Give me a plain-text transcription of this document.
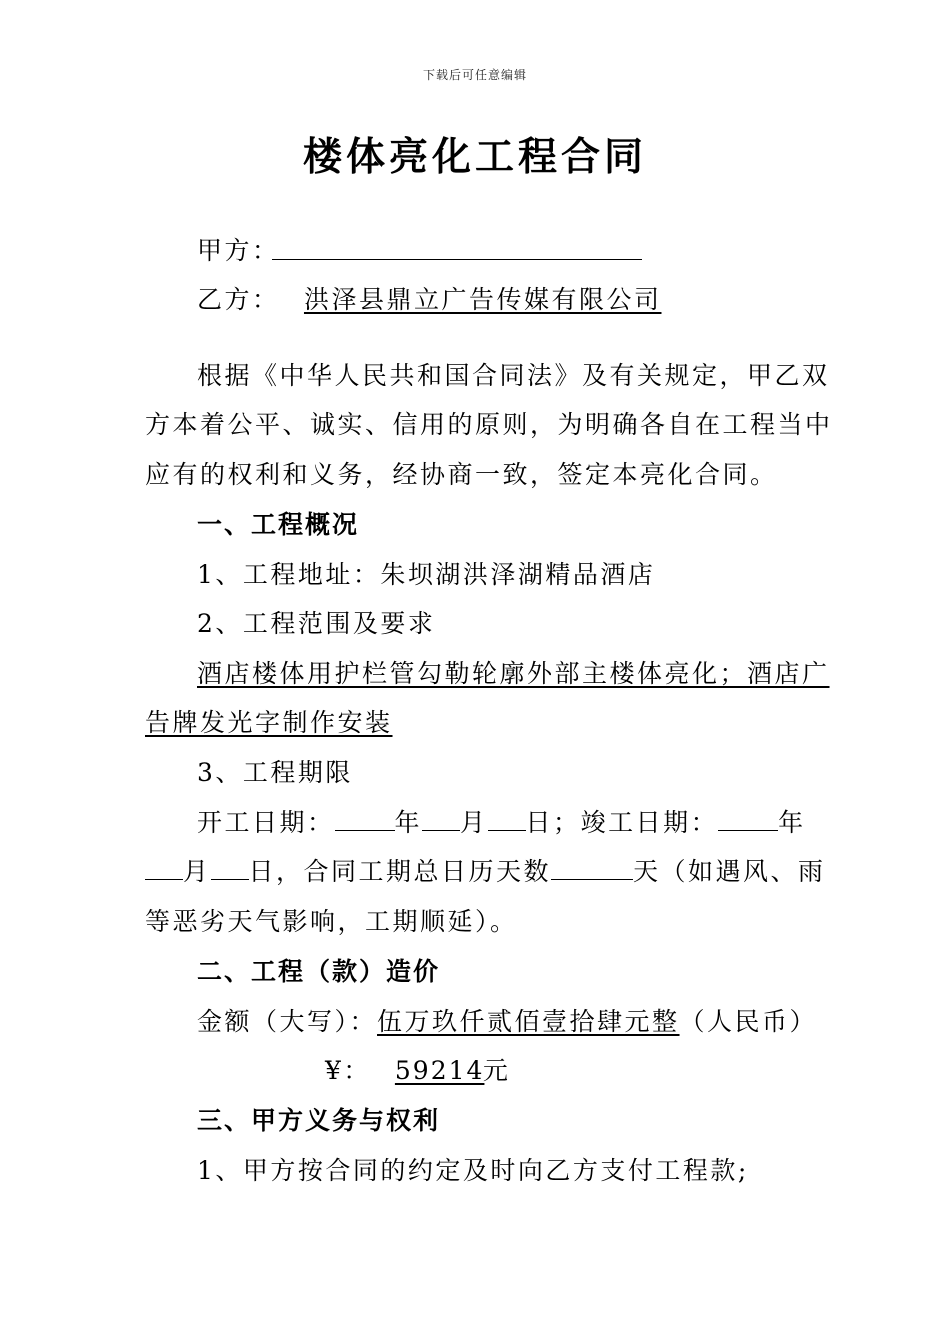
下载后可任意编辑
楼体亮化工程合同
甲方：
乙方： 洪泽县鼎立广告传媒有限公司
根据《中华人民共和国合同法》及有关规定，甲乙双
方本着公平、诚实、信用的原则，为明确各自在工程当中
应有的权利和义务，经协商一致，签定本亮化合同。
一、工程概况
1、工程地址：朱坝湖洪泽湖精品酒店
2、工程范围及要求
酒店楼体用护栏管勾勒轮廓外部主楼体亮化；酒店广
告牌发光字制作安装
3、工程期限
开工日期： 年 月 日；竣工日期： 年
月 日，合同工期总日历天数	天（如遇风、雨
等恶劣天气影响，工期顺延）。
二、工程（款）造价
金额（大写）：伍万玖仟贰佰壹拾肆元整（人民币）
¥： 59214元
三、甲方义务与权利
1、甲方按合同的约定及时向乙方支付工程款;
